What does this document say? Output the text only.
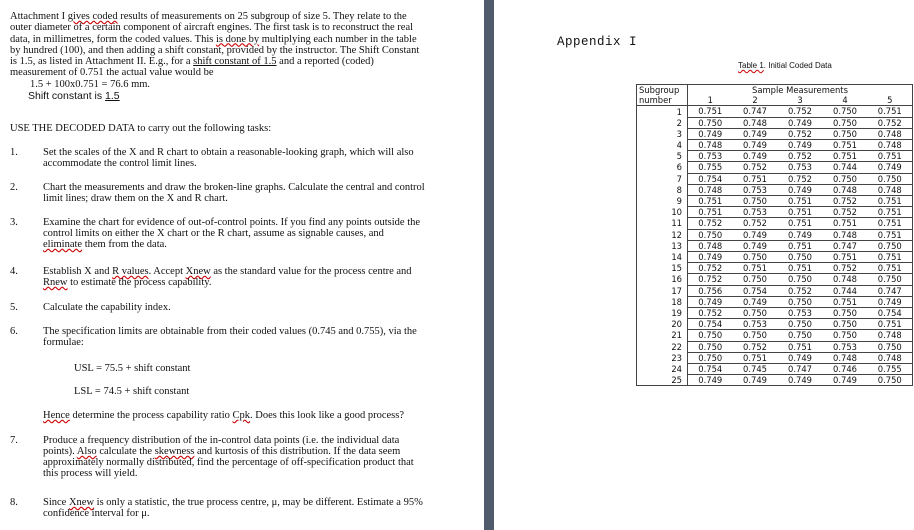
Attachment I gives coded results of measurements on 25 subgroup of size 5. They relate to the outer diameter of a certain component of aircraft engines. The first task is to reconstruct the real data, in millimetres, form the coded values. This is done by multiplying each number in the table by hundred (100), and then adding a shift constant, provided by the instructor. The Shift Constant is 1.5, as listed in Attachment II. E.g., for a shift constant of 1.5 and a reported (coded) measurement of 0.751 the actual value would be
1.5 + 100x0.751 = 76.6 mm.
Shift constant is 1.5
USE THE DECODED DATA to carry out the following tasks:
1. Set the scales of the X and R chart to obtain a reasonable-looking graph, which will also accommodate the control limit lines.
2. Chart the measurements and draw the broken-line graphs. Calculate the central and control limit lines; draw them on the X and R chart.
3. Examine the chart for evidence of out-of-control points. If you find any points outside the control limits on either the X chart or the R chart, assume as signable causes, and eliminate them from the data.
4. Establish X and R values. Accept Xnew as the standard value for the process centre and Rnew to estimate the process capability.
5. Calculate the capability index.
6. The specification limits are obtainable from their coded values (0.745 and 0.755), via the formulae:
USL = 75.5 + shift constant
LSL = 74.5 + shift constant
Hence determine the process capability ratio Cpk. Does this look like a good process?
7. Produce a frequency distribution of the in-control data points (i.e. the individual data points). Also calculate the skewness and kurtosis of this distribution. If the data seem approximately normally distributed, find the percentage of off-specification product that this process will yield.
8. Since Xnew is only a statistic, the true process centre, μ, may be different. Estimate a 95% confidence interval for μ.
Appendix I
Table 1. Initial Coded Data
Subgroup
number	Sample Measurements				
	1	2	3	4	5
1	0.751	0.747	0.752	0.750	0.751
2	0.750	0.748	0.749	0.750	0.752
3	0.749	0.749	0.752	0.750	0.748
4	0.748	0.749	0.749	0.751	0.748
5	0.753	0.749	0.752	0.751	0.751
6	0.755	0.752	0.753	0.744	0.749
7	0.754	0.751	0.752	0.750	0.750
8	0.748	0.753	0.749	0.748	0.748
9	0.751	0.750	0.751	0.752	0.751
10	0.751	0.753	0.751	0.752	0.751
11	0.752	0.752	0.751	0.751	0.751
12	0.750	0.749	0.749	0.748	0.751
13	0.748	0.749	0.751	0.747	0.750
14	0.749	0.750	0.750	0.751	0.751
15	0.752	0.751	0.751	0.752	0.751
16	0.752	0.750	0.750	0.748	0.750
17	0.756	0.754	0.752	0.744	0.747
18	0.749	0.749	0.750	0.751	0.749
19	0.752	0.750	0.753	0.750	0.754
20	0.754	0.753	0.750	0.750	0.751
21	0.750	0.750	0.750	0.750	0.748
22	0.750	0.752	0.751	0.753	0.750
23	0.750	0.751	0.749	0.748	0.748
24	0.754	0.745	0.747	0.746	0.755
25	0.749	0.749	0.749	0.749	0.750
